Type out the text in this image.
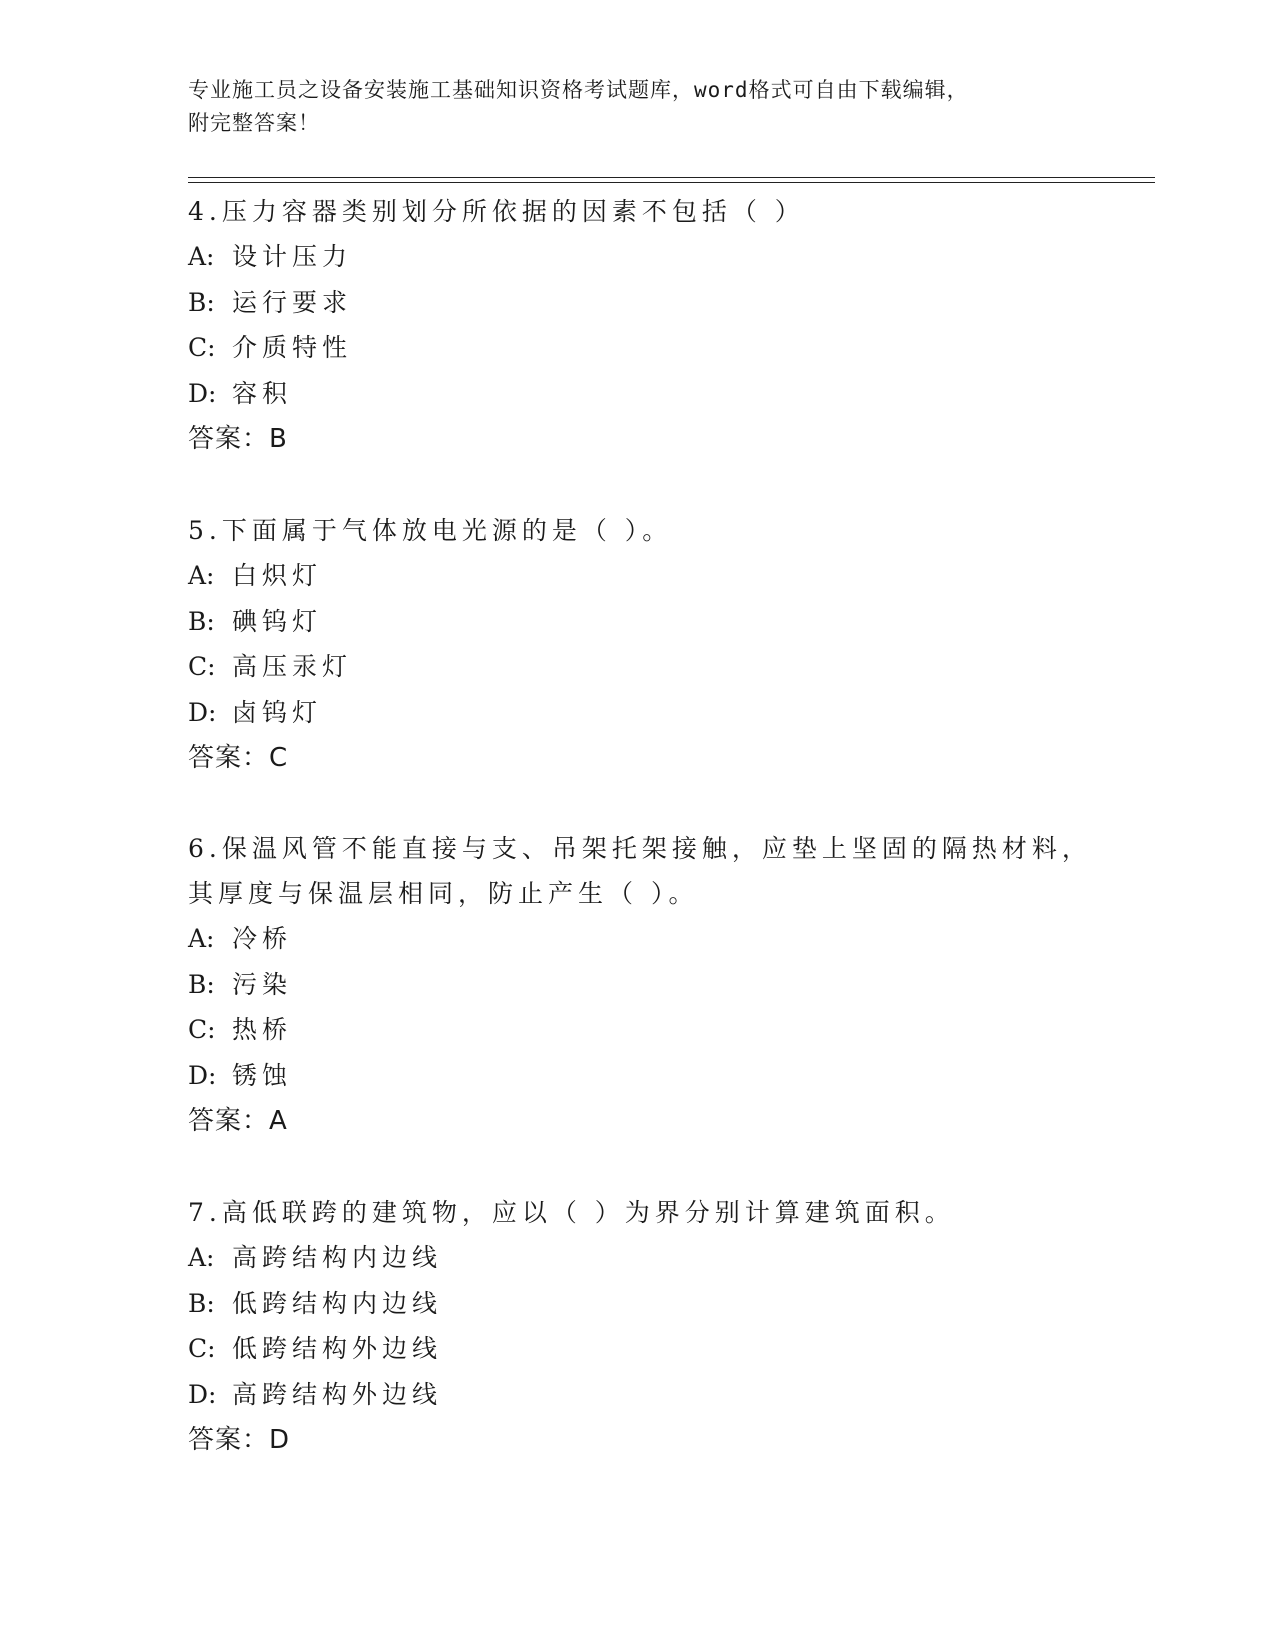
专业施工员之设备安装施工基础知识资格考试题库，word格式可自由下载编辑，
附完整答案！
4.压力容器类别划分所依据的因素不包括（ ）
A: 设计压力
B: 运行要求
C: 介质特性
D: 容积
答案：B
5.下面属于气体放电光源的是（ ）。
A: 白炽灯
B: 碘钨灯
C: 高压汞灯
D: 卤钨灯
答案：C
6.保温风管不能直接与支、吊架托架接触，应垫上坚固的隔热材料，其厚度与保温层相同，防止产生（ ）。
A: 冷桥
B: 污染
C: 热桥
D: 锈蚀
答案：A
7.高低联跨的建筑物，应以（ ）为界分别计算建筑面积。
A: 高跨结构内边线
B: 低跨结构内边线
C: 低跨结构外边线
D: 高跨结构外边线
答案：D
